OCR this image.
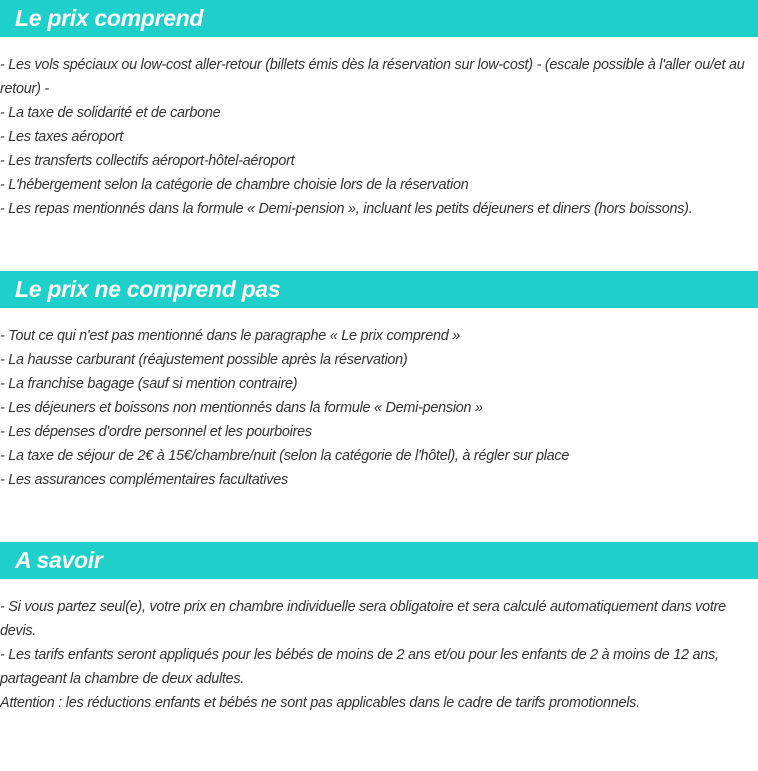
Le prix comprend
- Les vols spéciaux ou low-cost aller-retour (billets émis dès la réservation sur low-cost) - (escale possible à l'aller ou/et au retour) -
- La taxe de solidarité et de carbone
- Les taxes aéroport
- Les transferts collectifs aéroport-hôtel-aéroport
- L'hébergement selon la catégorie de chambre choisie lors de la réservation
- Les repas mentionnés dans la formule « Demi-pension », incluant les petits déjeuners et diners (hors boissons).
Le prix ne comprend pas
- Tout ce qui n'est pas mentionné dans le paragraphe « Le prix comprend »
- La hausse carburant (réajustement possible après la réservation)
- La franchise bagage (sauf si mention contraire)
- Les déjeuners et boissons non mentionnés dans la formule « Demi-pension »
- Les dépenses d'ordre personnel et les pourboires
- La taxe de séjour de 2€ à 15€/chambre/nuit (selon la catégorie de l'hôtel), à régler sur place
- Les assurances complémentaires facultatives
A savoir
- Si vous partez seul(e), votre prix en chambre individuelle sera obligatoire et sera calculé automatiquement dans votre devis.
- Les tarifs enfants seront appliqués pour les bébés de moins de 2 ans et/ou pour les enfants de 2 à moins de 12 ans, partageant la chambre de deux adultes.
Attention : les réductions enfants et bébés ne sont pas applicables dans le cadre de tarifs promotionnels.
